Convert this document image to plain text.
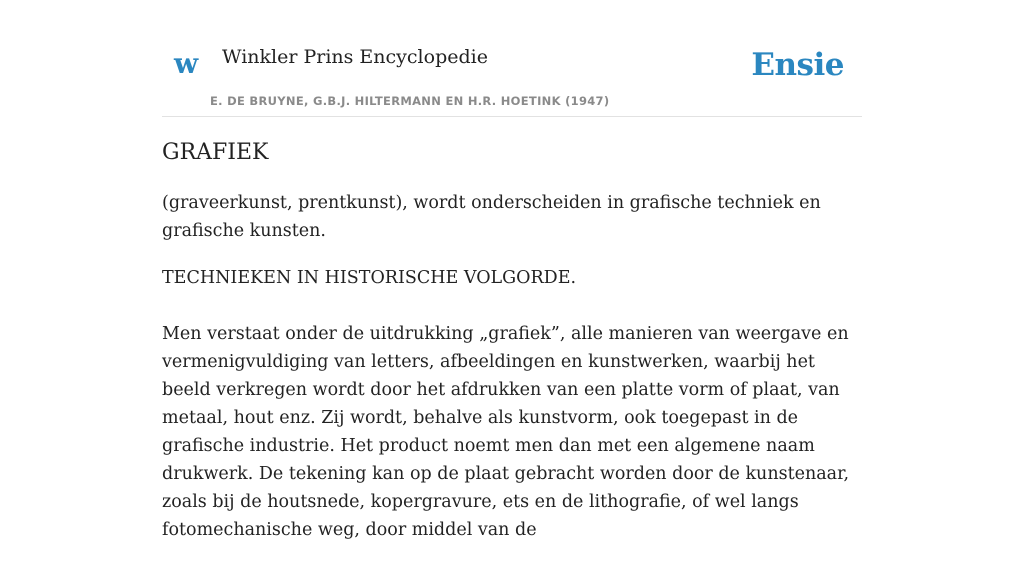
w Winkler Prins Encyclopedie
E. DE BRUYNE, G.B.J. HILTERMANN EN H.R. HOETINK (1947)
Ensie
GRAFIEK

(graveerkunst, prentkunst), wordt onderscheiden in grafische techniek en grafische kunsten.

TECHNIEKEN IN HISTORISCHE VOLGORDE.

Men verstaat onder de uitdrukking „grafiek”, alle manieren van weergave en vermenigvuldiging van letters, afbeeldingen en kunstwerken, waarbij het beeld verkregen wordt door het afdrukken van een platte vorm of plaat, van metaal, hout enz. Zij wordt, behalve als kunstvorm, ook toegepast in de grafische industrie. Het product noemt men dan met een algemene naam drukwerk. De tekening kan op de plaat gebracht worden door de kunstenaar, zoals bij de houtsnede, kopergravure, ets en de lithografie, of wel langs fotomechanische weg, door middel van de
